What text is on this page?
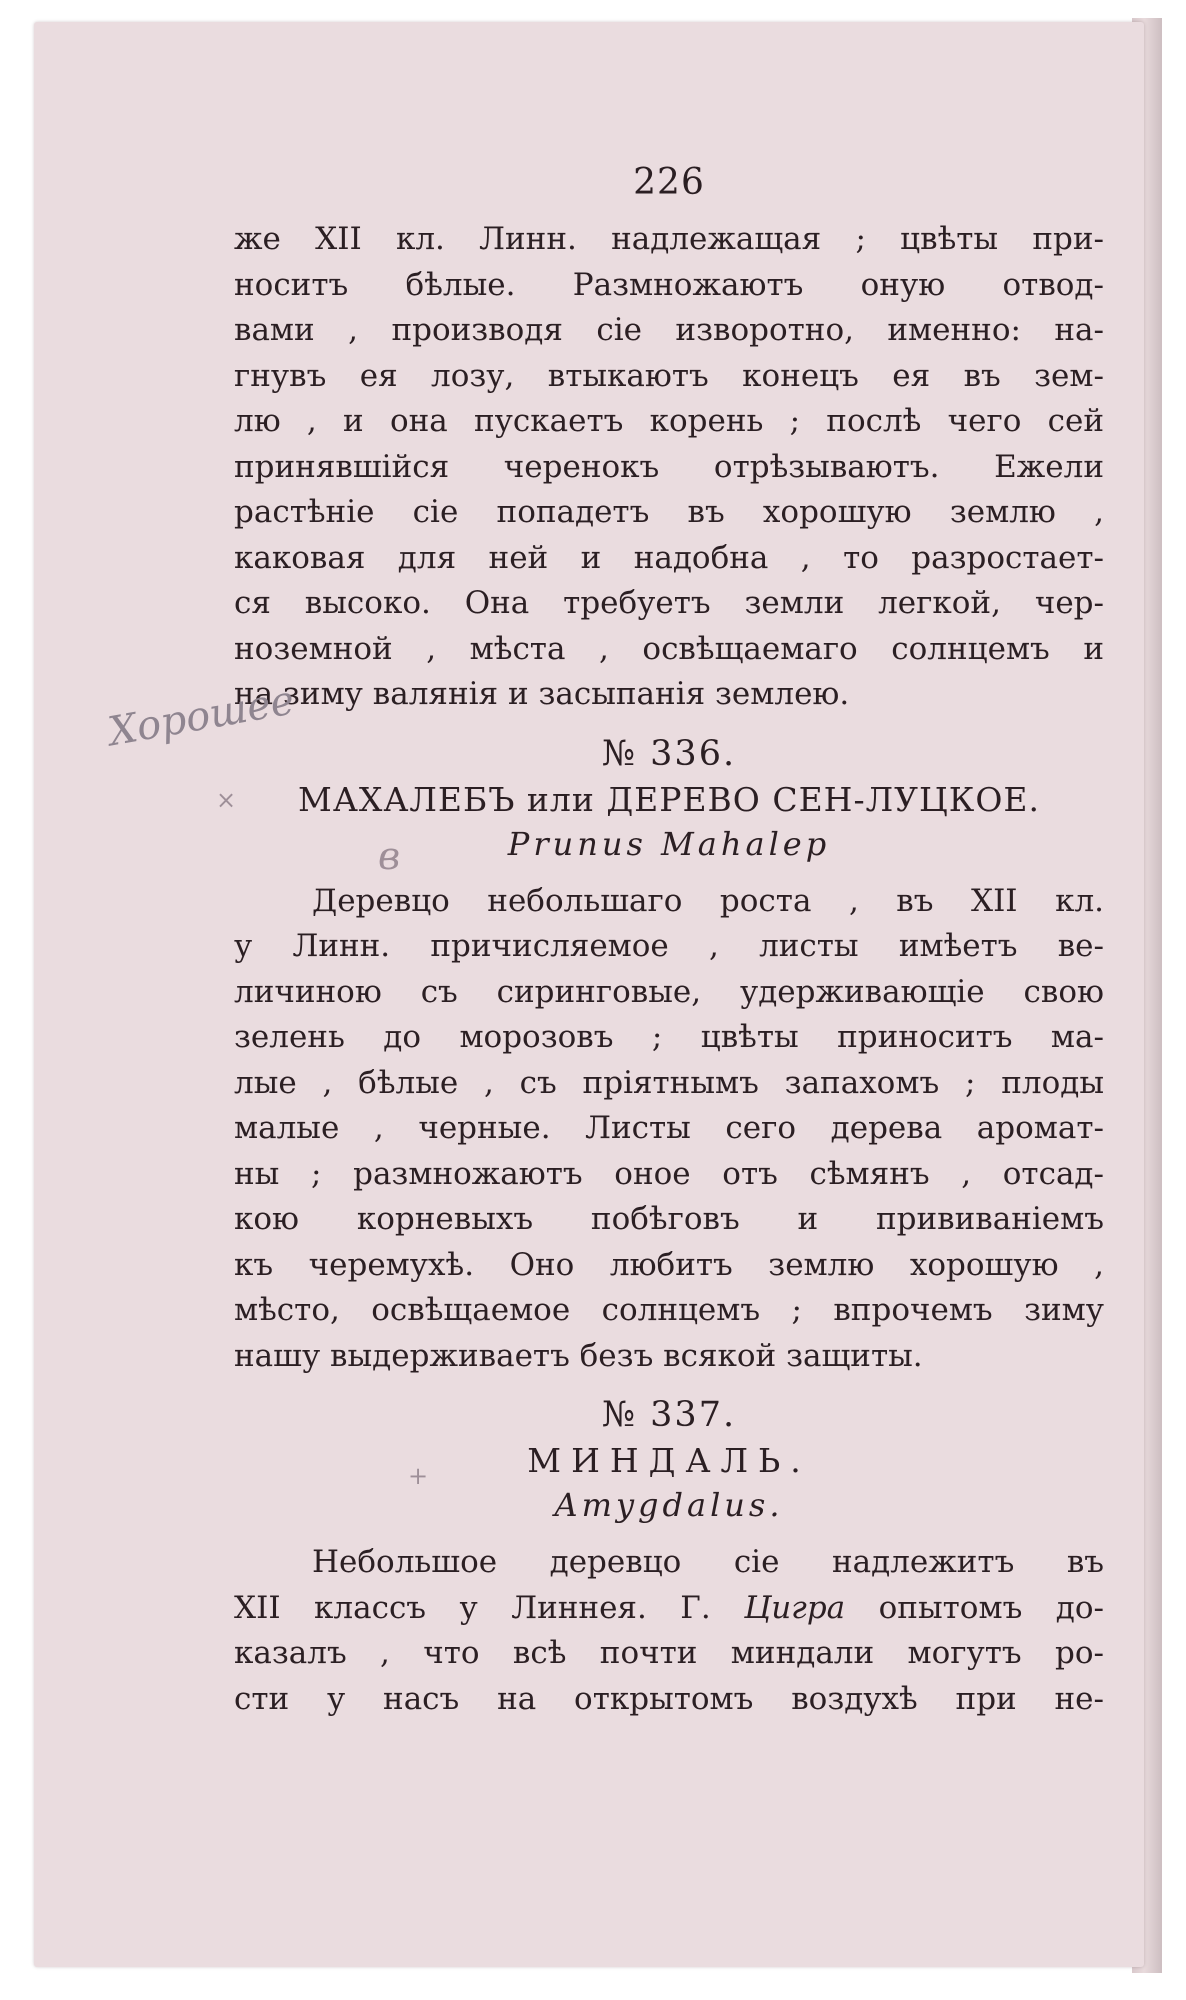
226

же XII кл. Линн. надлежащая ; цвѣты при-
носитъ бѣлые. Размножаютъ оную отвод-
вами , производя сіе изворотно, именно: на-
гнувъ ея лозу, втыкаютъ конецъ ея въ зем-
лю , и она пускаетъ корень ; послѣ чего сей
принявшійся черенокъ отрѣзываютъ. Ежели
растѣніе сіе попадетъ въ хорошую землю ,
каковая для ней и надобна , то разростает-
ся высоко. Она требуетъ земли легкой, чер-
ноземной , мѣста , освѣщаемаго солнцемъ и
на зиму валянія и засыпанія землею.

№ 336.
МАХАЛЕБЪ или ДЕРЕВО СЕН-ЛУЦКОЕ.
Prunus Mahalep

Деревцо небольшаго роста , въ XII кл.
у Линн. причисляемое , листы имѣетъ ве-
личиною съ сиринговые, удерживающіе свою
зелень до морозовъ ; цвѣты приноситъ ма-
лые , бѣлые , съ пріятнымъ запахомъ ; плоды
малые , черные. Листы сего дерева аромат-
ны ; размножаютъ оное отъ сѣмянъ , отсад-
кою корневыхъ побѣговъ и прививаніемъ
къ черемухѣ. Оно любитъ землю хорошую ,
мѣсто, освѣщаемое солнцемъ ; впрочемъ зиму
нашу выдерживаетъ безъ всякой защиты.

№ 337.
МИНДАЛЬ.
Amygdalus.

Небольшое деревцо сіе надлежитъ въ
XII классъ у Линнея. Г. Цигра опытомъ до-
казалъ , что всѣ почти миндали могутъ ро-
сти у насъ на открытомъ воздухѣ при не-

Хорошее
в
×
+
